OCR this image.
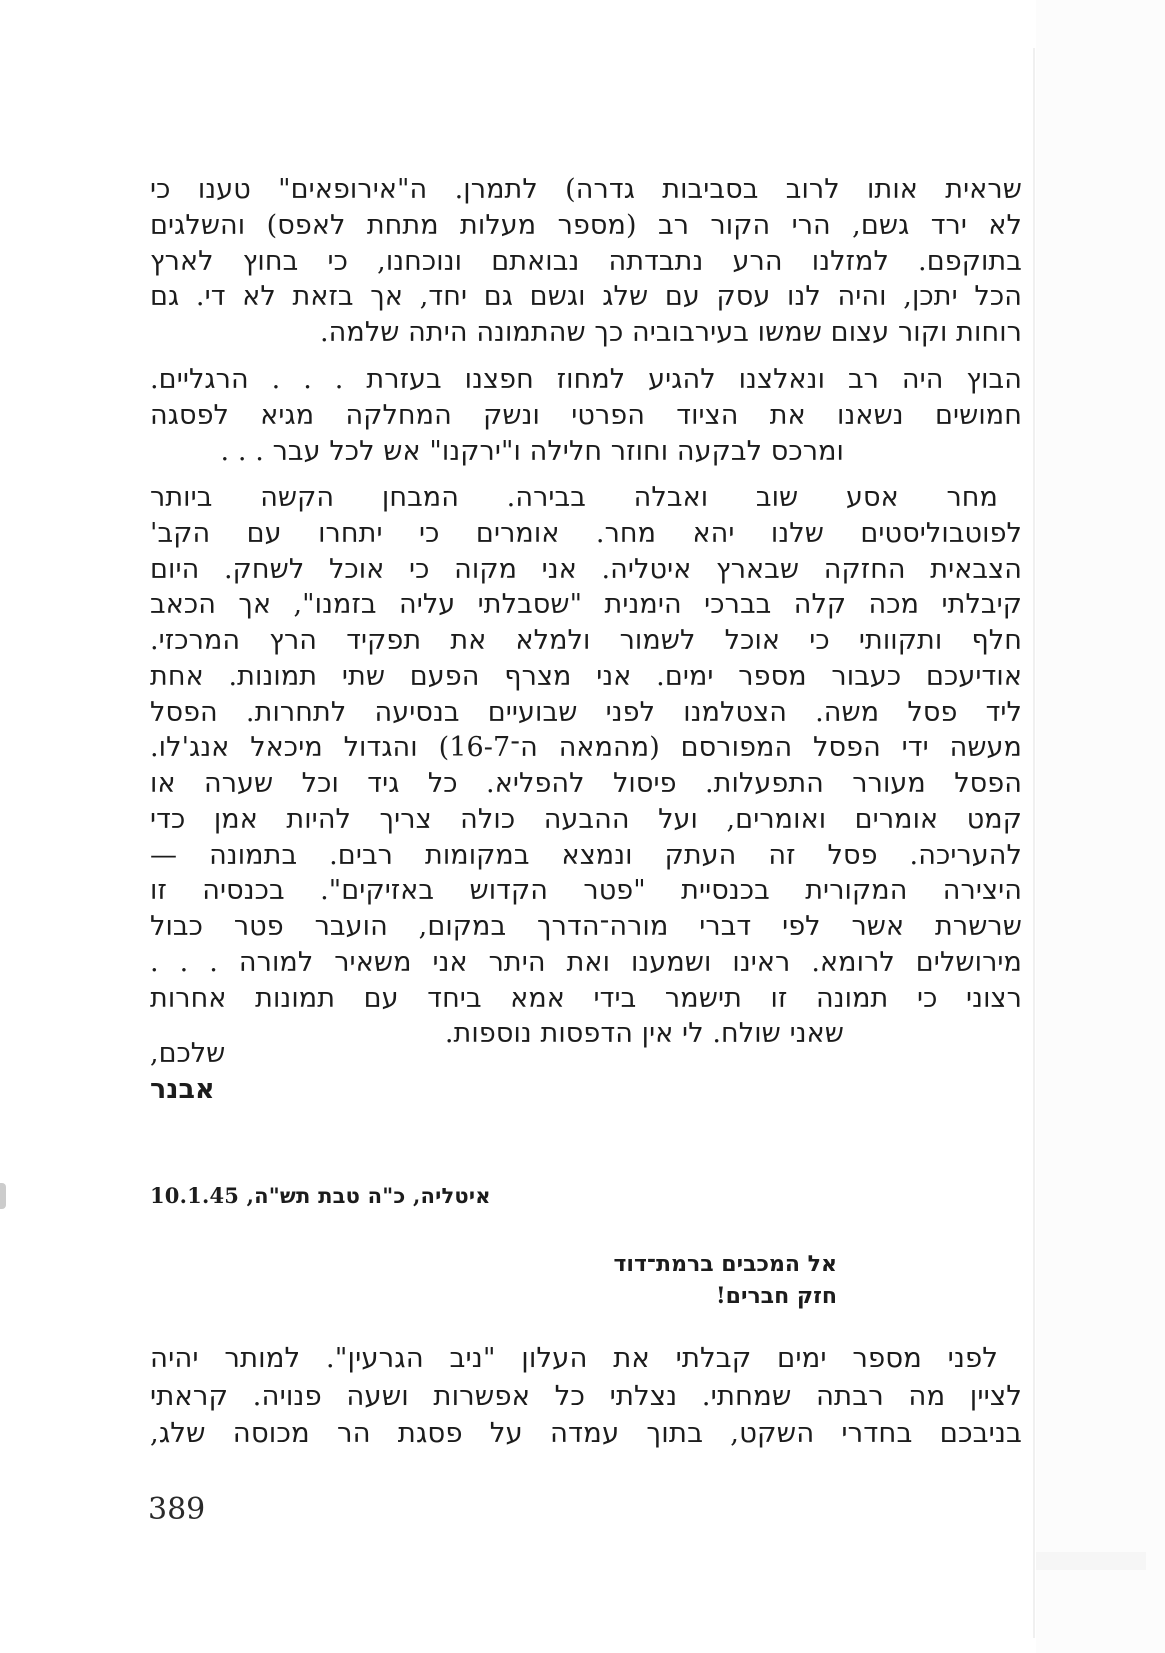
שראית אותו לרוב בסביבות גדרה) לתמרן. ה"אירופאים" טענו כי
לא ירד גשם, הרי הקור רב (מספר מעלות מתחת לאפס) והשלגים
בתוקפם. למזלנו הרע נתבדתה נבואתם ונוכחנו, כי בחוץ לארץ
הכל יתכן, והיה לנו עסק עם שלג וגשם גם יחד, אך בזאת לא די. גם
רוחות וקור עצום שמשו בעירבוביה כך שהתמונה היתה שלמה.
הבוץ היה רב ונאלצנו להגיע למחוז חפצנו בעזרת . . . הרגליים.
חמושים נשאנו את הציוד הפרטי ונשק המחלקה מגיא לפסגה
ומרכס לבקעה וחוזר חלילה ו"ירקנו" אש לכל עבר . . .
מחר אסע שוב ואבלה בבירה. המבחן הקשה ביותר
לפוטבוליסטים שלנו יהא מחר. אומרים כי יתחרו עם הקב'
הצבאית החזקה שבארץ איטליה. אני מקוה כי אוכל לשחק. היום
קיבלתי מכה קלה בברכי הימנית "שסבלתי עליה בזמנו", אך הכאב
חלף ותקוותי כי אוכל לשמור ולמלא את תפקיד הרץ המרכזי.
אודיעכם כעבור מספר ימים. אני מצרף הפעם שתי תמונות. אחת
ליד פסל משה. הצטלמנו לפני שבועיים בנסיעה לתחרות. הפסל
מעשה ידי הפסל המפורסם (מהמאה ה־16-7) והגדול מיכאל אנג'לו.
הפסל מעורר התפעלות. פיסול להפליא. כל גיד וכל שערה או
קמט אומרים ואומרים, ועל ההבעה כולה צריך להיות אמן כדי
להעריכה. פסל זה העתק ונמצא במקומות רבים. בתמונה —
היצירה המקורית בכנסיית "פטר הקדוש באזיקים". בכנסיה זו
שרשרת אשר לפי דברי מורה־הדרך במקום, הועבר פטר כבול
מירושלים לרומא. ראינו ושמענו ואת היתר אני משאיר למורה . . .
רצוני כי תמונה זו תישמר בידי אמא ביחד עם תמונות אחרות
שאני שולח. לי אין הדפסות נוספות.
שלכם,
אבנר
איטליה, כ"ה טבת תש"ה, 10.1.45
אל המכבים ברמת־דוד
חזק חברים!
לפני מספר ימים קבלתי את העלון "ניב הגרעין". למותר יהיה
לציין מה רבתה שמחתי. נצלתי כל אפשרות ושעה פנויה. קראתי
בניבכם בחדרי השקט, בתוך עמדה על פסגת הר מכוסה שלג,
389
